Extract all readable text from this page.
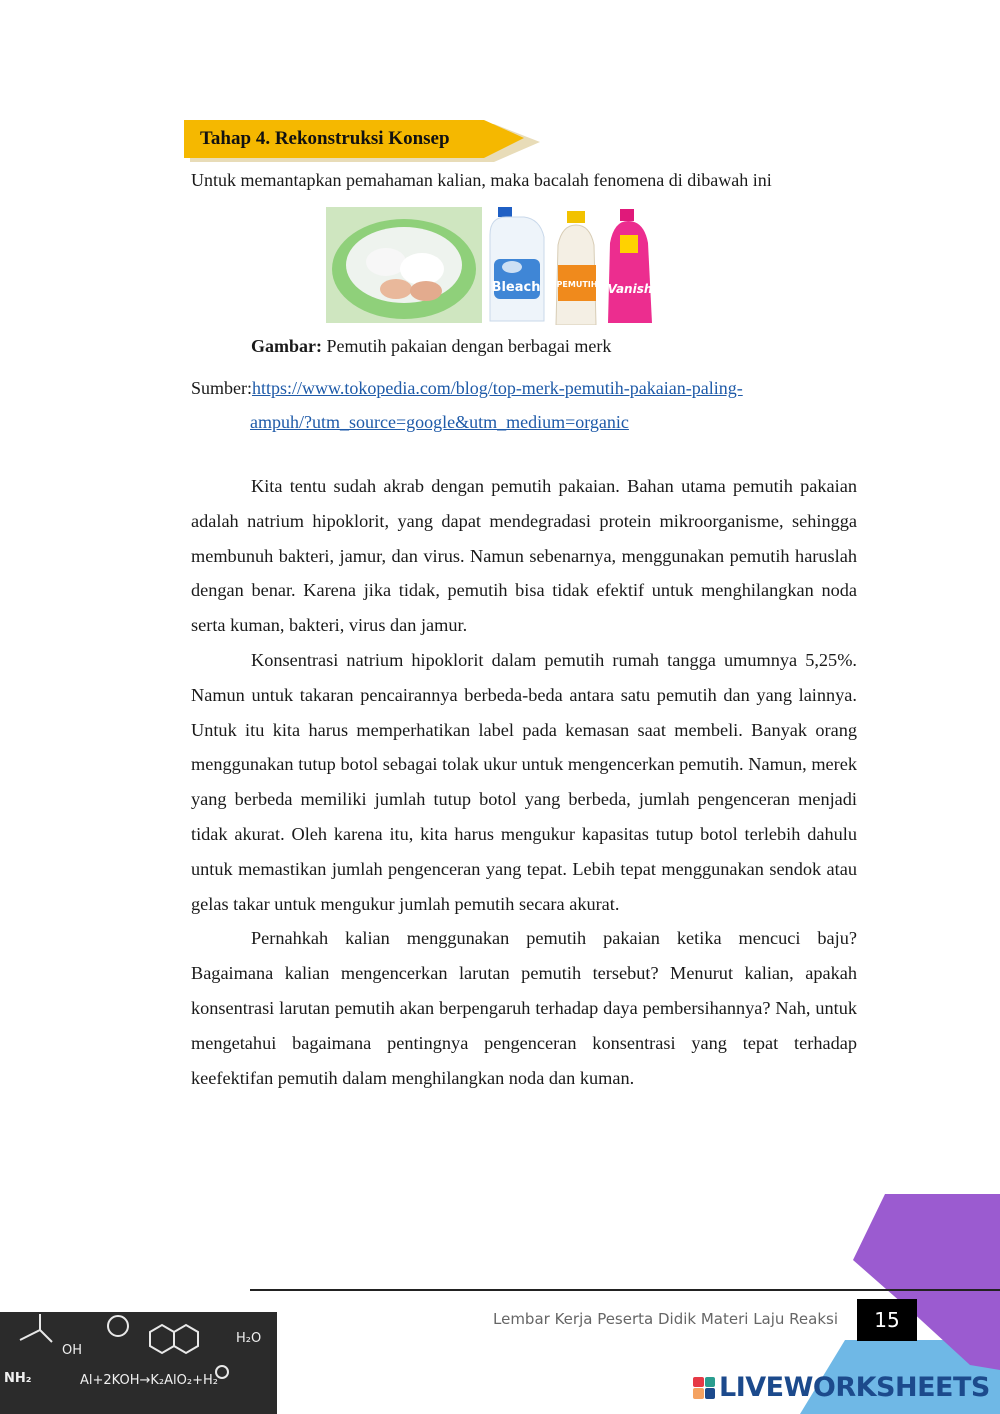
Tahap 4. Rekonstruksi Konsep
Untuk memantapkan pemahaman kalian, maka bacalah fenomena di dibawah ini
Bleach PEMUTIH Vanish
Gambar: Pemutih pakaian dengan berbagai merk
Sumber:https://www.tokopedia.com/blog/top-merk-pemutih-pakaian-paling-
ampuh/?utm_source=google&utm_medium=organic

Kita tentu sudah akrab dengan pemutih pakaian. Bahan utama pemutih pakaian adalah natrium hipoklorit, yang dapat mendegradasi protein mikroorganisme, sehingga membunuh bakteri, jamur, dan virus. Namun sebenarnya, menggunakan pemutih haruslah dengan benar. Karena jika tidak, pemutih bisa tidak efektif untuk menghilangkan noda serta kuman, bakteri, virus dan jamur.

Konsentrasi natrium hipoklorit dalam pemutih rumah tangga umumnya 5,25%. Namun untuk takaran pencairannya berbeda-beda antara satu pemutih dan yang lainnya. Untuk itu kita harus memperhatikan label pada kemasan saat membeli. Banyak orang menggunakan tutup botol sebagai tolak ukur untuk mengencerkan pemutih. Namun, merek yang berbeda memiliki jumlah tutup botol yang berbeda, jumlah pengenceran menjadi tidak akurat. Oleh karena itu, kita harus mengukur kapasitas tutup botol terlebih dahulu untuk memastikan jumlah pengenceran yang tepat. Lebih tepat menggunakan sendok atau gelas takar untuk mengukur jumlah pemutih secara akurat.

Pernahkah kalian menggunakan pemutih pakaian ketika mencuci baju? Bagaimana kalian mengencerkan larutan pemutih tersebut? Menurut kalian, apakah konsentrasi larutan pemutih akan berpengaruh terhadap daya pembersihannya? Nah, untuk mengetahui bagaimana pentingnya pengenceran konsentrasi yang tepat terhadap keefektifan pemutih dalam menghilangkan noda dan kuman.

Lembar Kerja Peserta Didik Materi Laju Reaksi	15
NH₂
OH
H₂O
Al+2KOH→K₂AlO₂+H₂	LIVEWORKSHEETS
